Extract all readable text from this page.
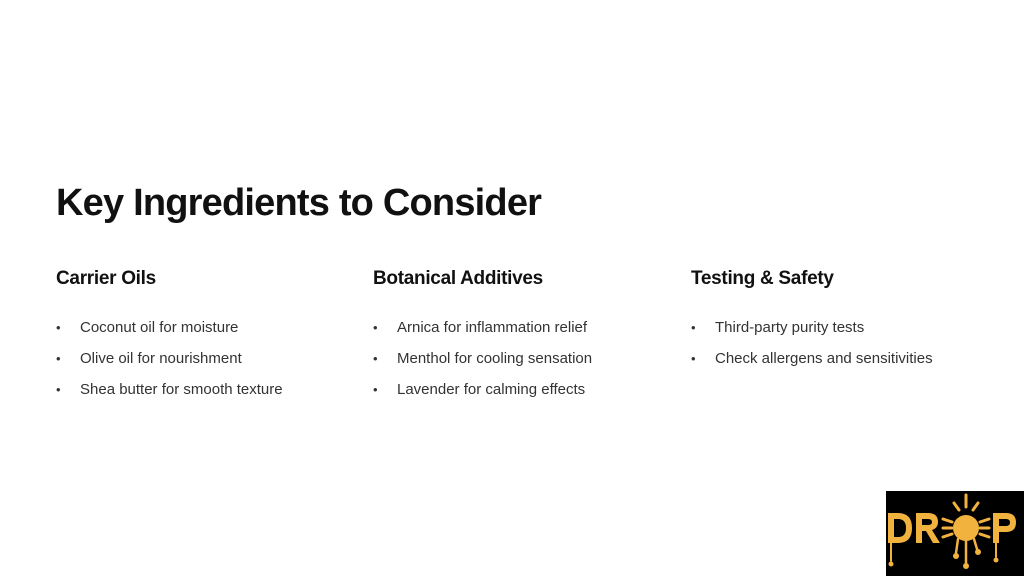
Key Ingredients to Consider
Carrier Oils
•	Coconut oil for moisture
•	Olive oil for nourishment
•	Shea butter for smooth texture
Botanical Additives
•	Arnica for inflammation relief
•	Menthol for cooling sensation
•	Lavender for calming effects
Testing & Safety
•	Third-party purity tests
•	Check allergens and sensitivities
